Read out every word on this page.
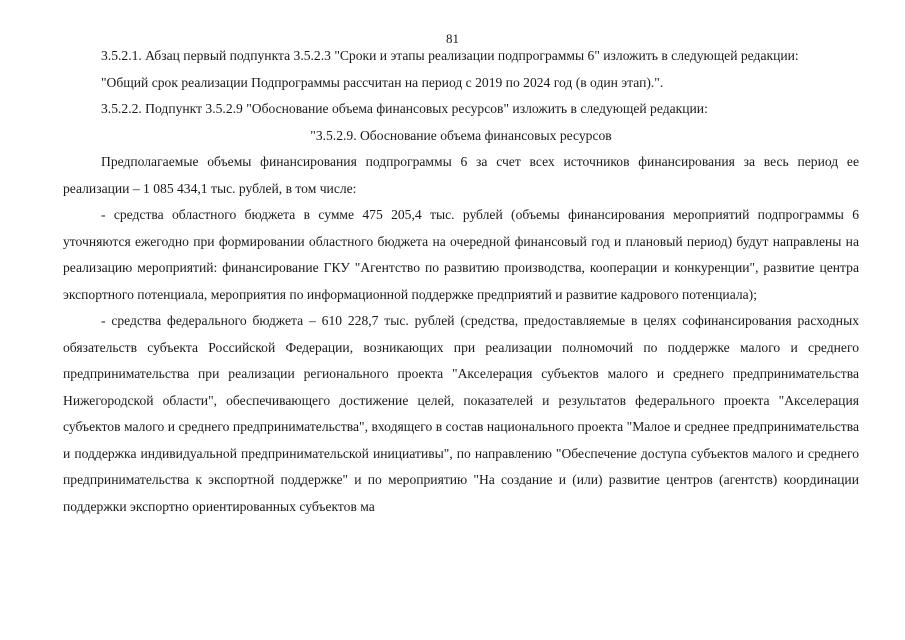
81

3.5.2.1. Абзац первый подпункта 3.5.2.3 "Сроки и этапы реализации подпрограммы 6" изложить в следующей редакции:

"Общий срок реализации Подпрограммы рассчитан на период с 2019 по 2024 год (в один этап).".

3.5.2.2. Подпункт 3.5.2.9 "Обоснование объема финансовых ресурсов" изложить в следующей редакции:

"3.5.2.9. Обоснование объема финансовых ресурсов

Предполагаемые объемы финансирования подпрограммы 6 за счет всех источников финансирования за весь период ее реализации – 1 085 434,1 тыс. рублей, в том числе:

- средства областного бюджета в сумме 475 205,4 тыс. рублей (объемы финансирования мероприятий подпрограммы 6 уточняются ежегодно при формировании областного бюджета на очередной финансовый год и плановый период) будут направлены на реализацию мероприятий: финансирование ГКУ "Агентство по развитию производства, кооперации и конкуренции", развитие центра экспортного потенциала, мероприятия по информационной поддержке предприятий и развитие кадрового потенциала);

- средства федерального бюджета – 610 228,7 тыс. рублей (средства, предоставляемые в целях софинансирования расходных обязательств субъекта Российской Федерации, возникающих при реализации полномочий по поддержке малого и среднего предпринимательства при реализации регионального проекта "Акселерация субъектов малого и среднего предпринимательства Нижегородской области", обеспечивающего достижение целей, показателей и результатов федерального проекта "Акселерация субъектов малого и среднего предпринимательства", входящего в состав национального проекта "Малое и среднее предпринимательства и поддержка индивидуальной предпринимательской инициативы", по направлению "Обеспечение доступа субъектов малого и среднего предпринимательства к экспортной поддержке" и по мероприятию "На создание и (или) развитие центров (агентств) координации поддержки экспортно ориентированных субъектов ма
